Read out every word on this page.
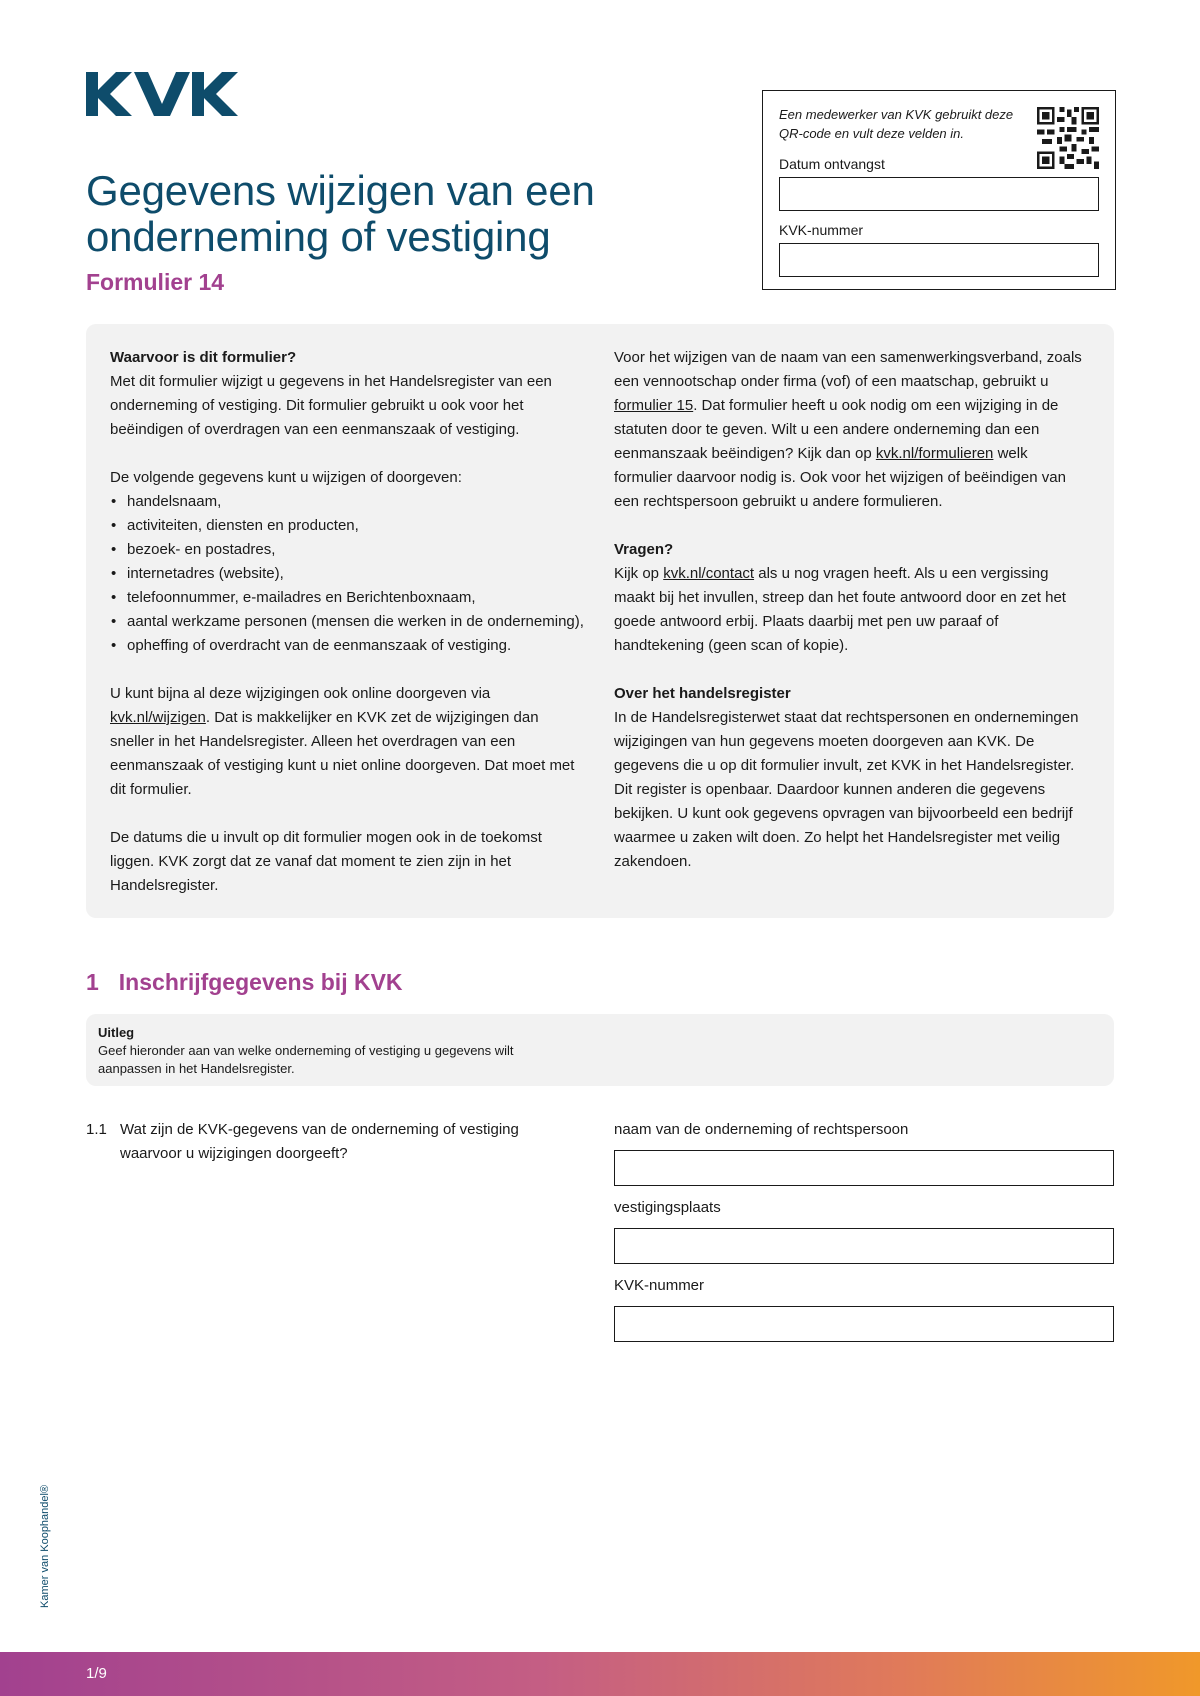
Gegevens wijzigen van een
onderneming of vestiging
Formulier 14
Een medewerker van KVK gebruikt deze QR-code en vult deze velden in.
Datum ontvangst
KVK-nummer
Waarvoor is dit formulier?

Met dit formulier wijzigt u gegevens in het Handelsregister van een onderneming of vestiging. Dit formulier gebruikt u ook voor het beëindigen of overdragen van een eenmanszaak of vestiging.

De volgende gegevens kunt u wijzigen of doorgeven:
• handelsnaam,
• activiteiten, diensten en producten,
• bezoek- en postadres,
• internetadres (website),
• telefoonnummer, e-mailadres en Berichtenboxnaam,
• aantal werkzame personen (mensen die werken in de onderneming),
• opheffing of overdracht van de eenmanszaak of vestiging.

U kunt bijna al deze wijzigingen ook online doorgeven via kvk.nl/wijzigen. Dat is makkelijker en KVK zet de wijzigingen dan sneller in het Handelsregister. Alleen het overdragen van een eenmanszaak of vestiging kunt u niet online doorgeven. Dat moet met dit formulier.

De datums die u invult op dit formulier mogen ook in de toekomst liggen. KVK zorgt dat ze vanaf dat moment te zien zijn in het Handelsregister.

Voor het wijzigen van de naam van een samenwerkingsverband, zoals een vennootschap onder firma (vof) of een maatschap, gebruikt u formulier 15. Dat formulier heeft u ook nodig om een wijziging in de statuten door te geven. Wilt u een andere onderneming dan een eenmanszaak beëindigen? Kijk dan op kvk.nl/formulieren welk formulier daarvoor nodig is. Ook voor het wijzigen of beëindigen van een rechtspersoon gebruikt u andere formulieren.

Vragen?

Kijk op kvk.nl/contact als u nog vragen heeft. Als u een vergissing maakt bij het invullen, streep dan het foute antwoord door en zet het goede antwoord erbij. Plaats daarbij met pen uw paraaf of handtekening (geen scan of kopie).

Over het handelsregister

In de Handelsregisterwet staat dat rechtspersonen en ondernemingen wijzigingen van hun gegevens moeten doorgeven aan KVK. De gegevens die u op dit formulier invult, zet KVK in het Handelsregister. Dit register is openbaar. Daardoor kunnen anderen die gegevens bekijken. U kunt ook gegevens opvragen van bijvoorbeeld een bedrijf waarmee u zaken wilt doen. Zo helpt het Handelsregister met veilig zakendoen.

1 Inschrijfgegevens bij KVK
Uitleg
Geef hieronder aan van welke onderneming of vestiging u gegevens wilt aanpassen in het Handelsregister.
1.1 Wat zijn de KVK-gegevens van de onderneming of vestiging waarvoor u wijzigingen doorgeeft?
naam van de onderneming of rechtspersoon
vestigingsplaats
KVK-nummer
Kamer van Koophandel®
1/9
